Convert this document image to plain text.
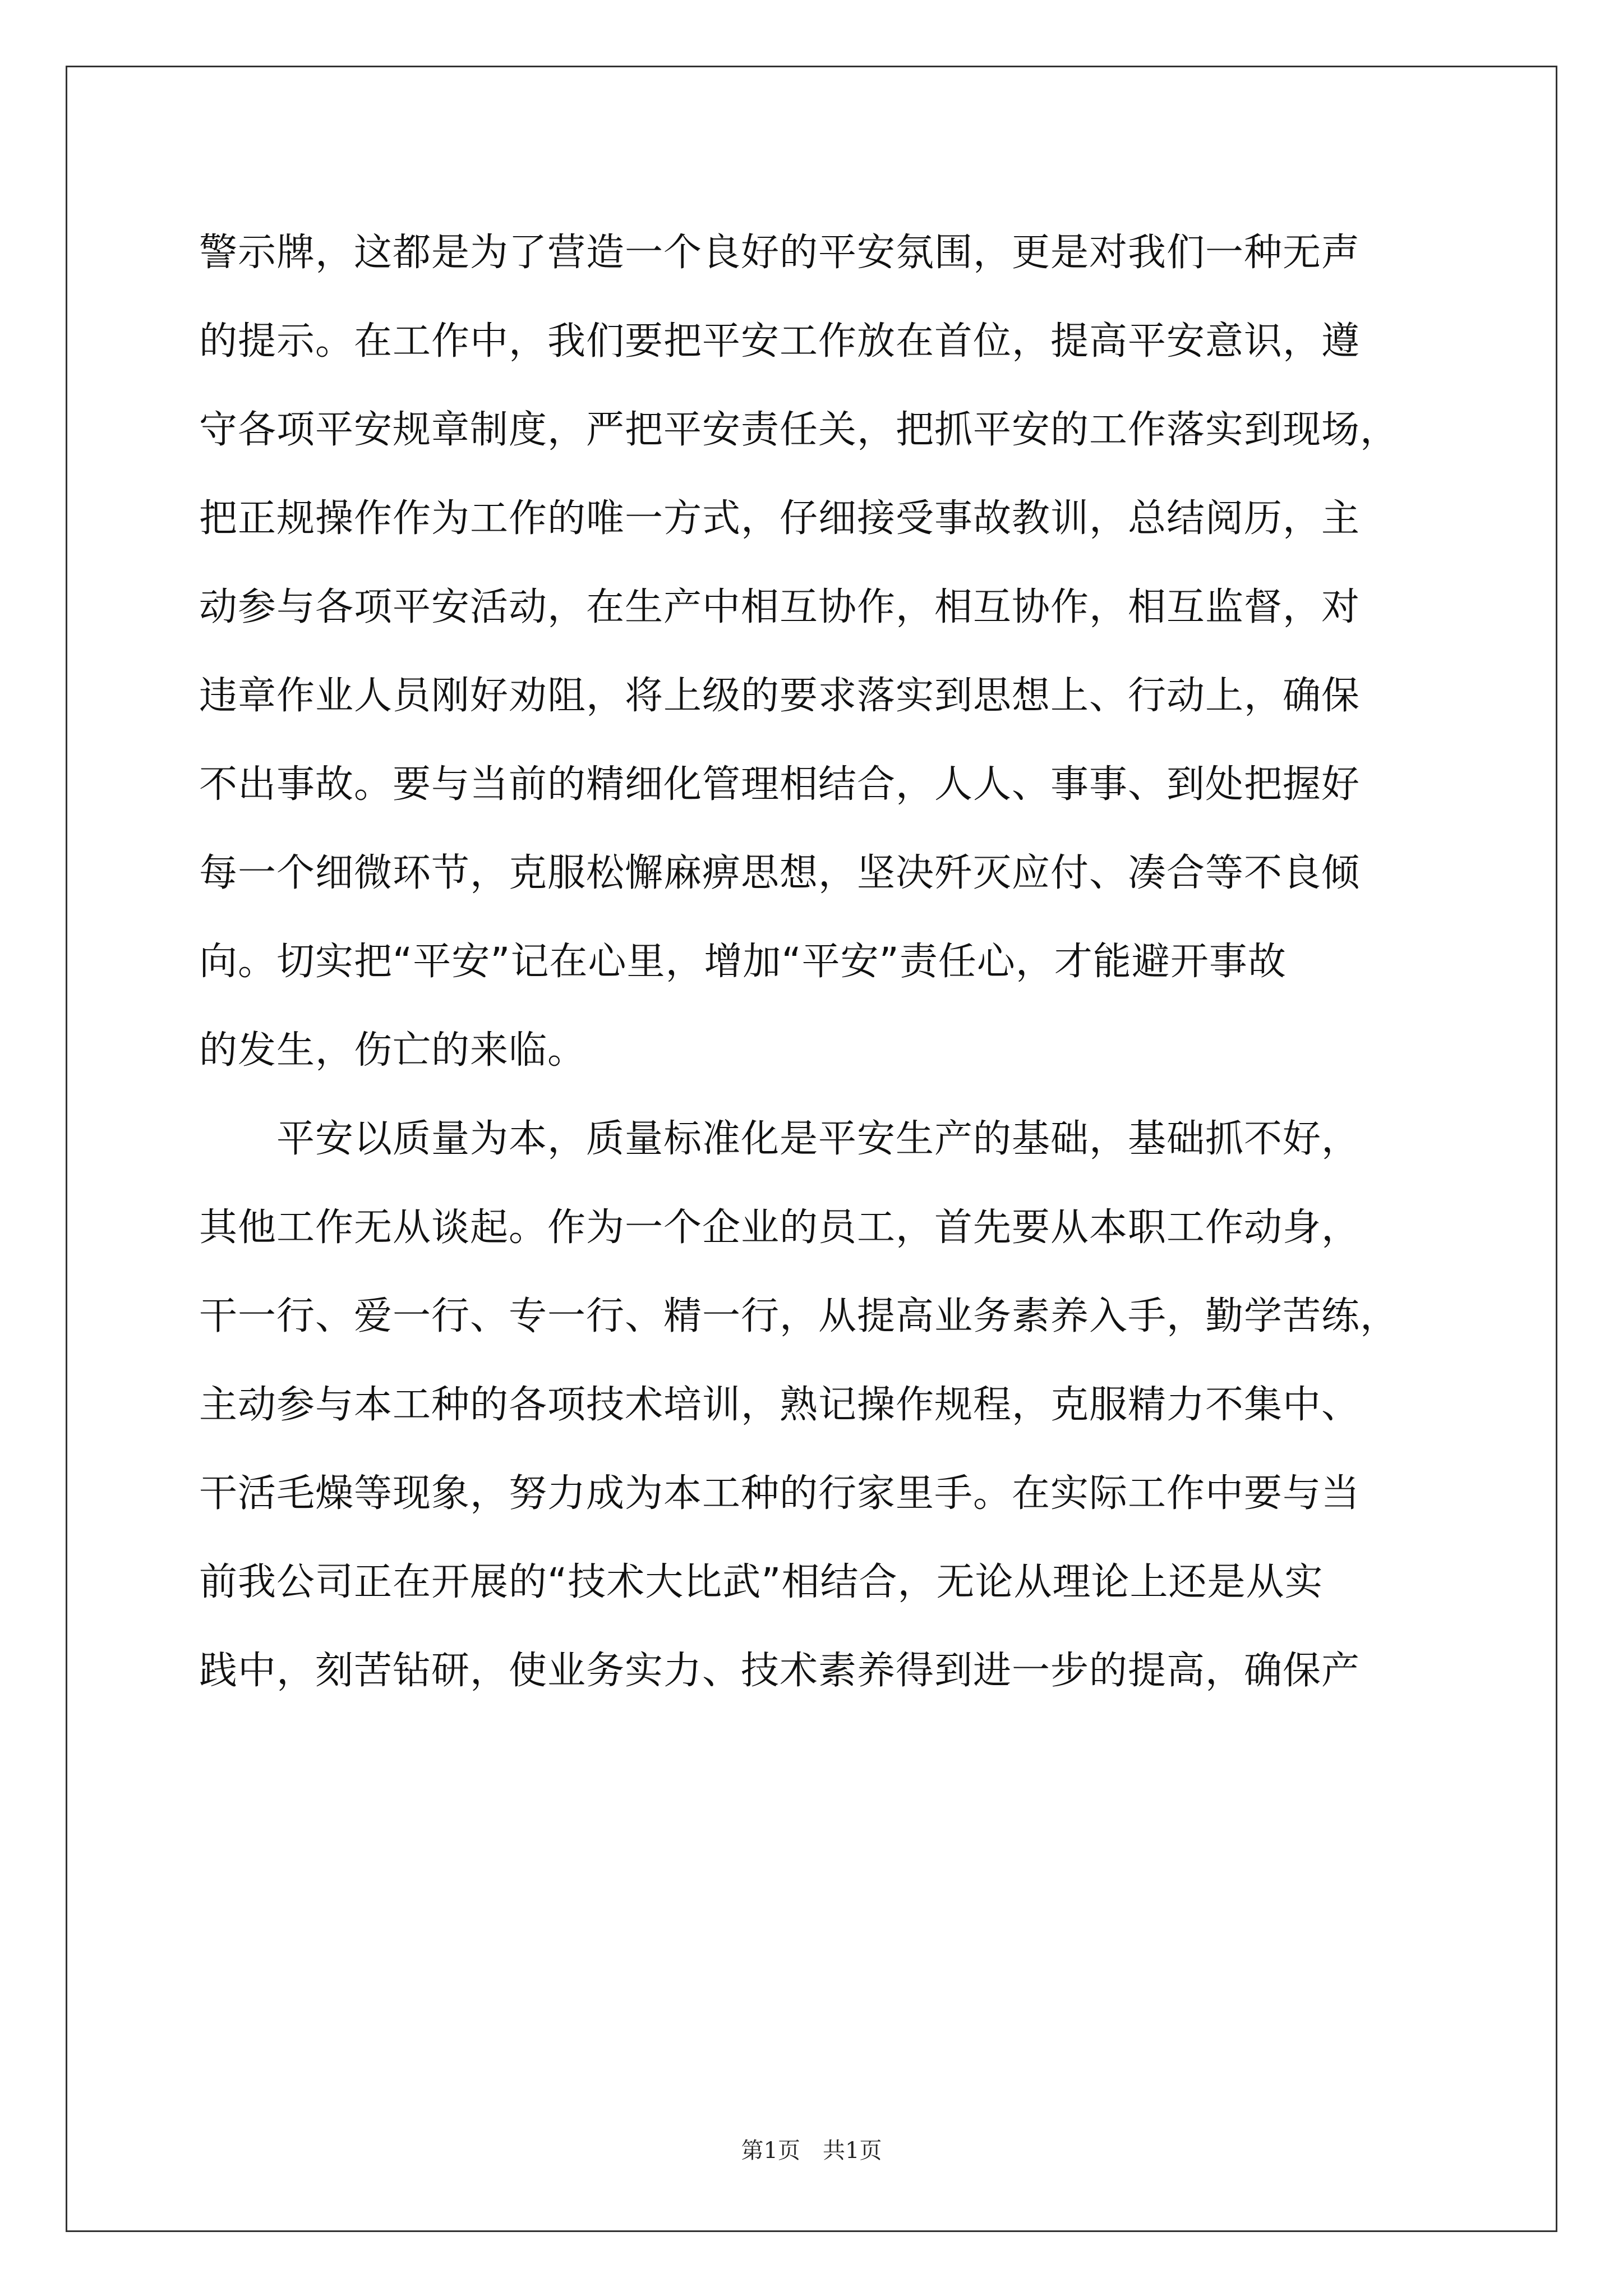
警示牌，这都是为了营造一个良好的平安氛围，更是对我们一种无声
的提示。在工作中，我们要把平安工作放在首位，提高平安意识，遵
守各项平安规章制度，严把平安责任关，把抓平安的工作落实到现场，
把正规操作作为工作的唯一方式，仔细接受事故教训，总结阅历，主
动参与各项平安活动，在生产中相互协作，相互协作，相互监督，对
违章作业人员刚好劝阻，将上级的要求落实到思想上、行动上，确保
不出事故。要与当前的精细化管理相结合，人人、事事、到处把握好
每一个细微环节，克服松懈麻痹思想，坚决歼灭应付、凑合等不良倾
向。切实把“平安”记在心里，增加“平安”责任心，才能避开事故
的发生，伤亡的来临。
　　平安以质量为本，质量标准化是平安生产的基础，基础抓不好，
其他工作无从谈起。作为一个企业的员工，首先要从本职工作动身，
干一行、爱一行、专一行、精一行，从提高业务素养入手，勤学苦练，
主动参与本工种的各项技术培训，熟记操作规程，克服精力不集中、
干活毛燥等现象，努力成为本工种的行家里手。在实际工作中要与当
前我公司正在开展的“技术大比武”相结合，无论从理论上还是从实
践中，刻苦钻研，使业务实力、技术素养得到进一步的提高，确保产
第1页　共1页
